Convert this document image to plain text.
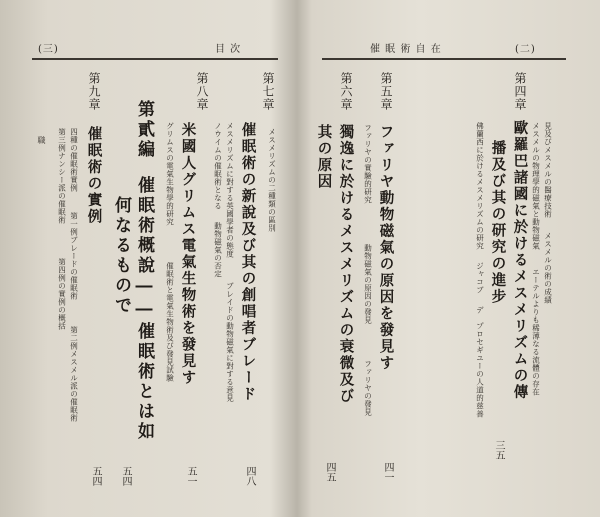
(三)	目 次
第七章
催眠術の新說及び其の創唱者ブレード メスメリズムの二種類の區別
メスメリズムに對する英國學者の態度
ブレイドの動物磁氣に對する意見
ノウイムの催眠術となる
動物磁氣の否定
四八
第八章
米國人グリムス電氣生物術を發見す
グリムスの電氣生物學的研究
催眠術と電氣生物術及び發見試驗
五一
第貳編
催眠術概說――催眠術とは如
何なるもので
五四
第九章
催眠術の實例
四種の催眠術實例
第一例ブレードの催眠術
第二例メスメル派の催眠術
第三例ナンシー派の催眠術
第四例の實例の概括
五四
職
(二)
催 眠 術 自 在
第四章
歐羅巴諸國に於けるメスメリズムの傳
播及び其の研究の進步	メスメルの物理學的磁氣と動物磁氣
エーテルよりも稀薄なる流體の存在
見及びメスメルの醫療技術
メスメルの術の成績
佛蘭西に於けるメスメリズムの研究
ジャコブ
デ
プロセギユーの人道的慈善
三五
第五章
ファリヤ動物磁氣の原因を發見す
ファリヤの實驗的研究
動物磁氣の原因の發見
ファリヤの發見
四一
第六章
獨逸に於けるメスメリズムの衰微及び
其の原因
四五
